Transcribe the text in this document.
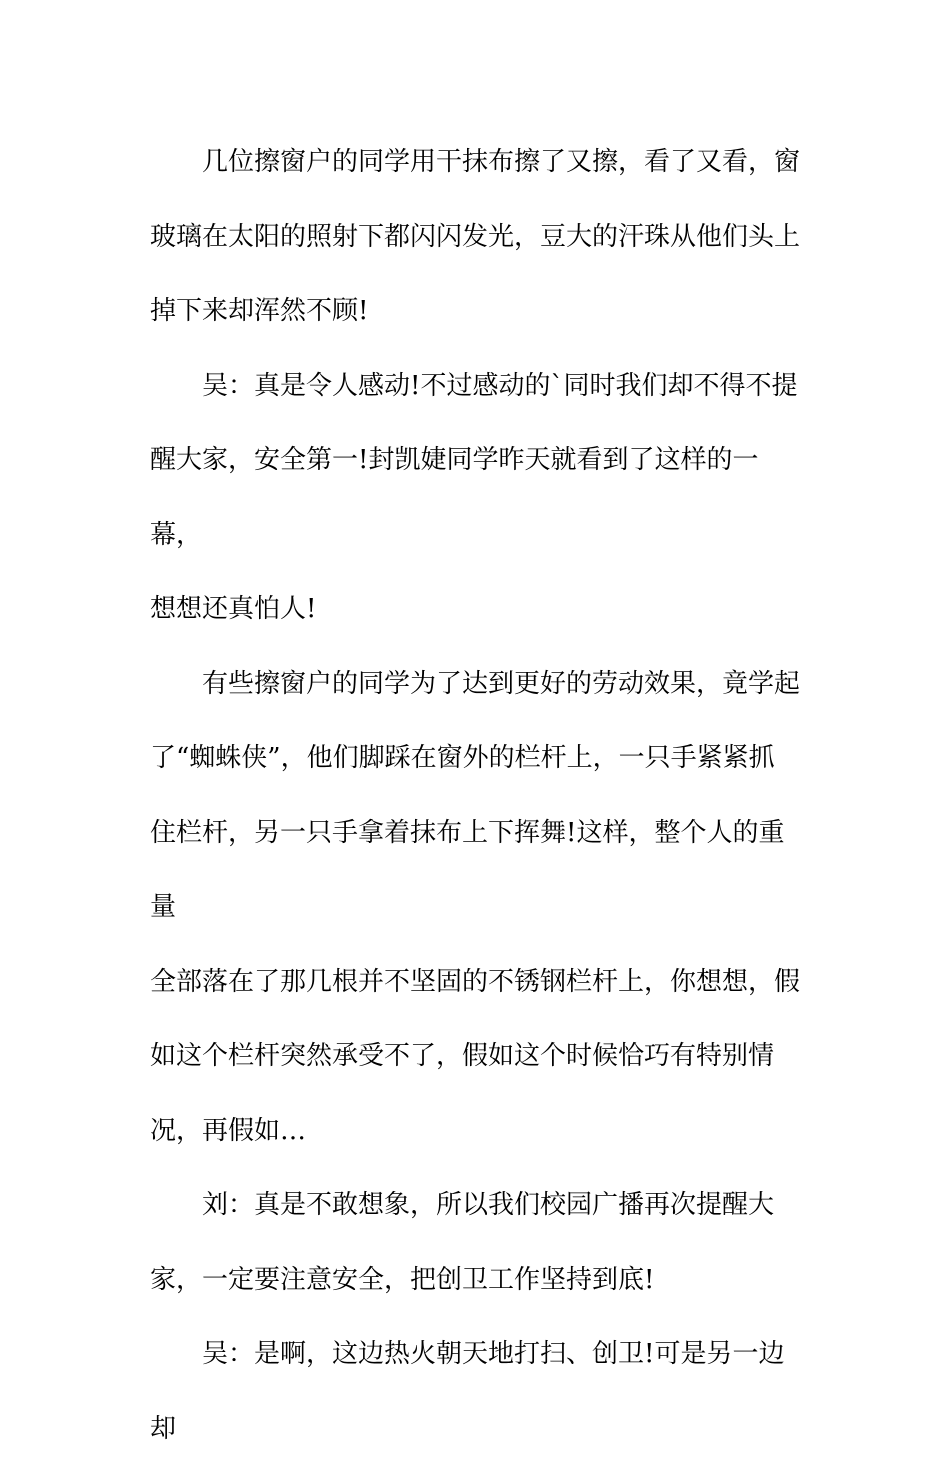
几位擦窗户的同学用干抹布擦了又擦，看了又看，窗
玻璃在太阳的照射下都闪闪发光，豆大的汗珠从他们头上
掉下来却浑然不顾!

吴：真是令人感动!不过感动的`同时我们却不得不提
醒大家，安全第一!封凯婕同学昨天就看到了这样的一幕，
想想还真怕人!

有些擦窗户的同学为了达到更好的劳动效果，竟学起
了“蜘蛛侠”，他们脚踩在窗外的栏杆上，一只手紧紧抓
住栏杆，另一只手拿着抹布上下挥舞!这样，整个人的重量
全部落在了那几根并不坚固的不锈钢栏杆上，你想想，假
如这个栏杆突然承受不了，假如这个时候恰巧有特别情
况，再假如…

刘：真是不敢想象，所以我们校园广播再次提醒大
家，一定要注意安全，把创卫工作坚持到底!

吴：是啊，这边热火朝天地打扫、创卫!可是另一边却
